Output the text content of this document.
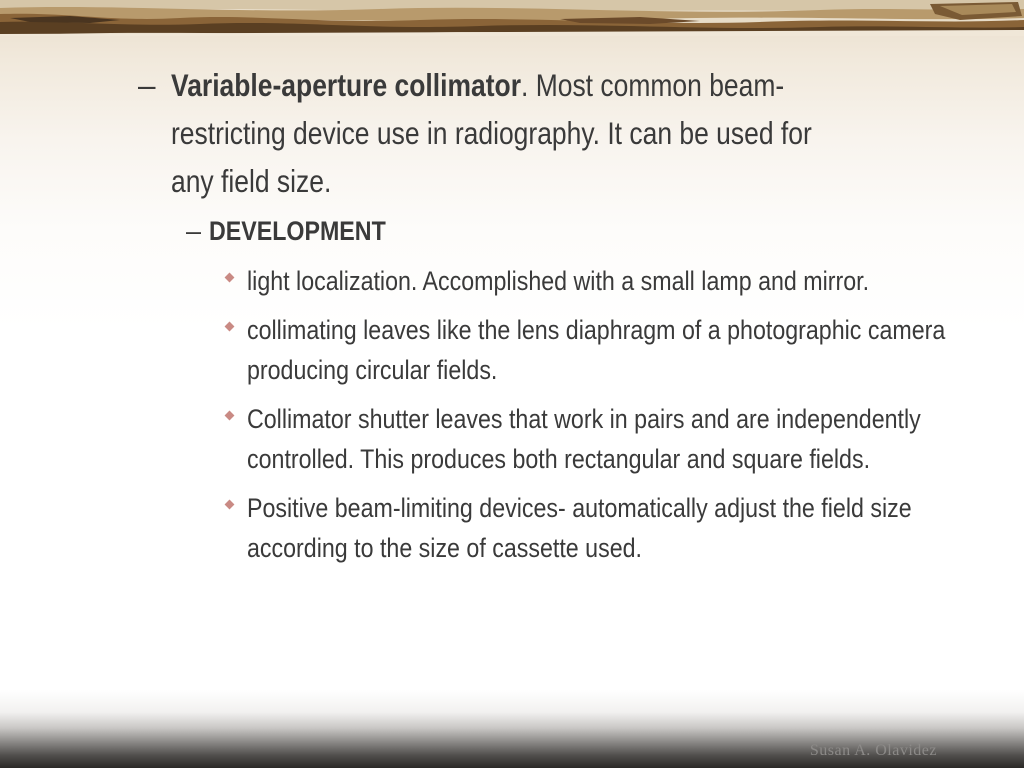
– Variable-aperture collimator. Most common beam-restricting device use in radiography. It can be used for any field size.
– DEVELOPMENT
light localization. Accomplished with a small lamp and mirror.
collimating leaves like the lens diaphragm of a photographic camera producing circular fields.
Collimator shutter leaves that work in pairs and are independently controlled. This produces both rectangular and square fields.
Positive beam-limiting devices- automatically adjust the field size according to the size of cassette used.
Susan A. Olavidez
